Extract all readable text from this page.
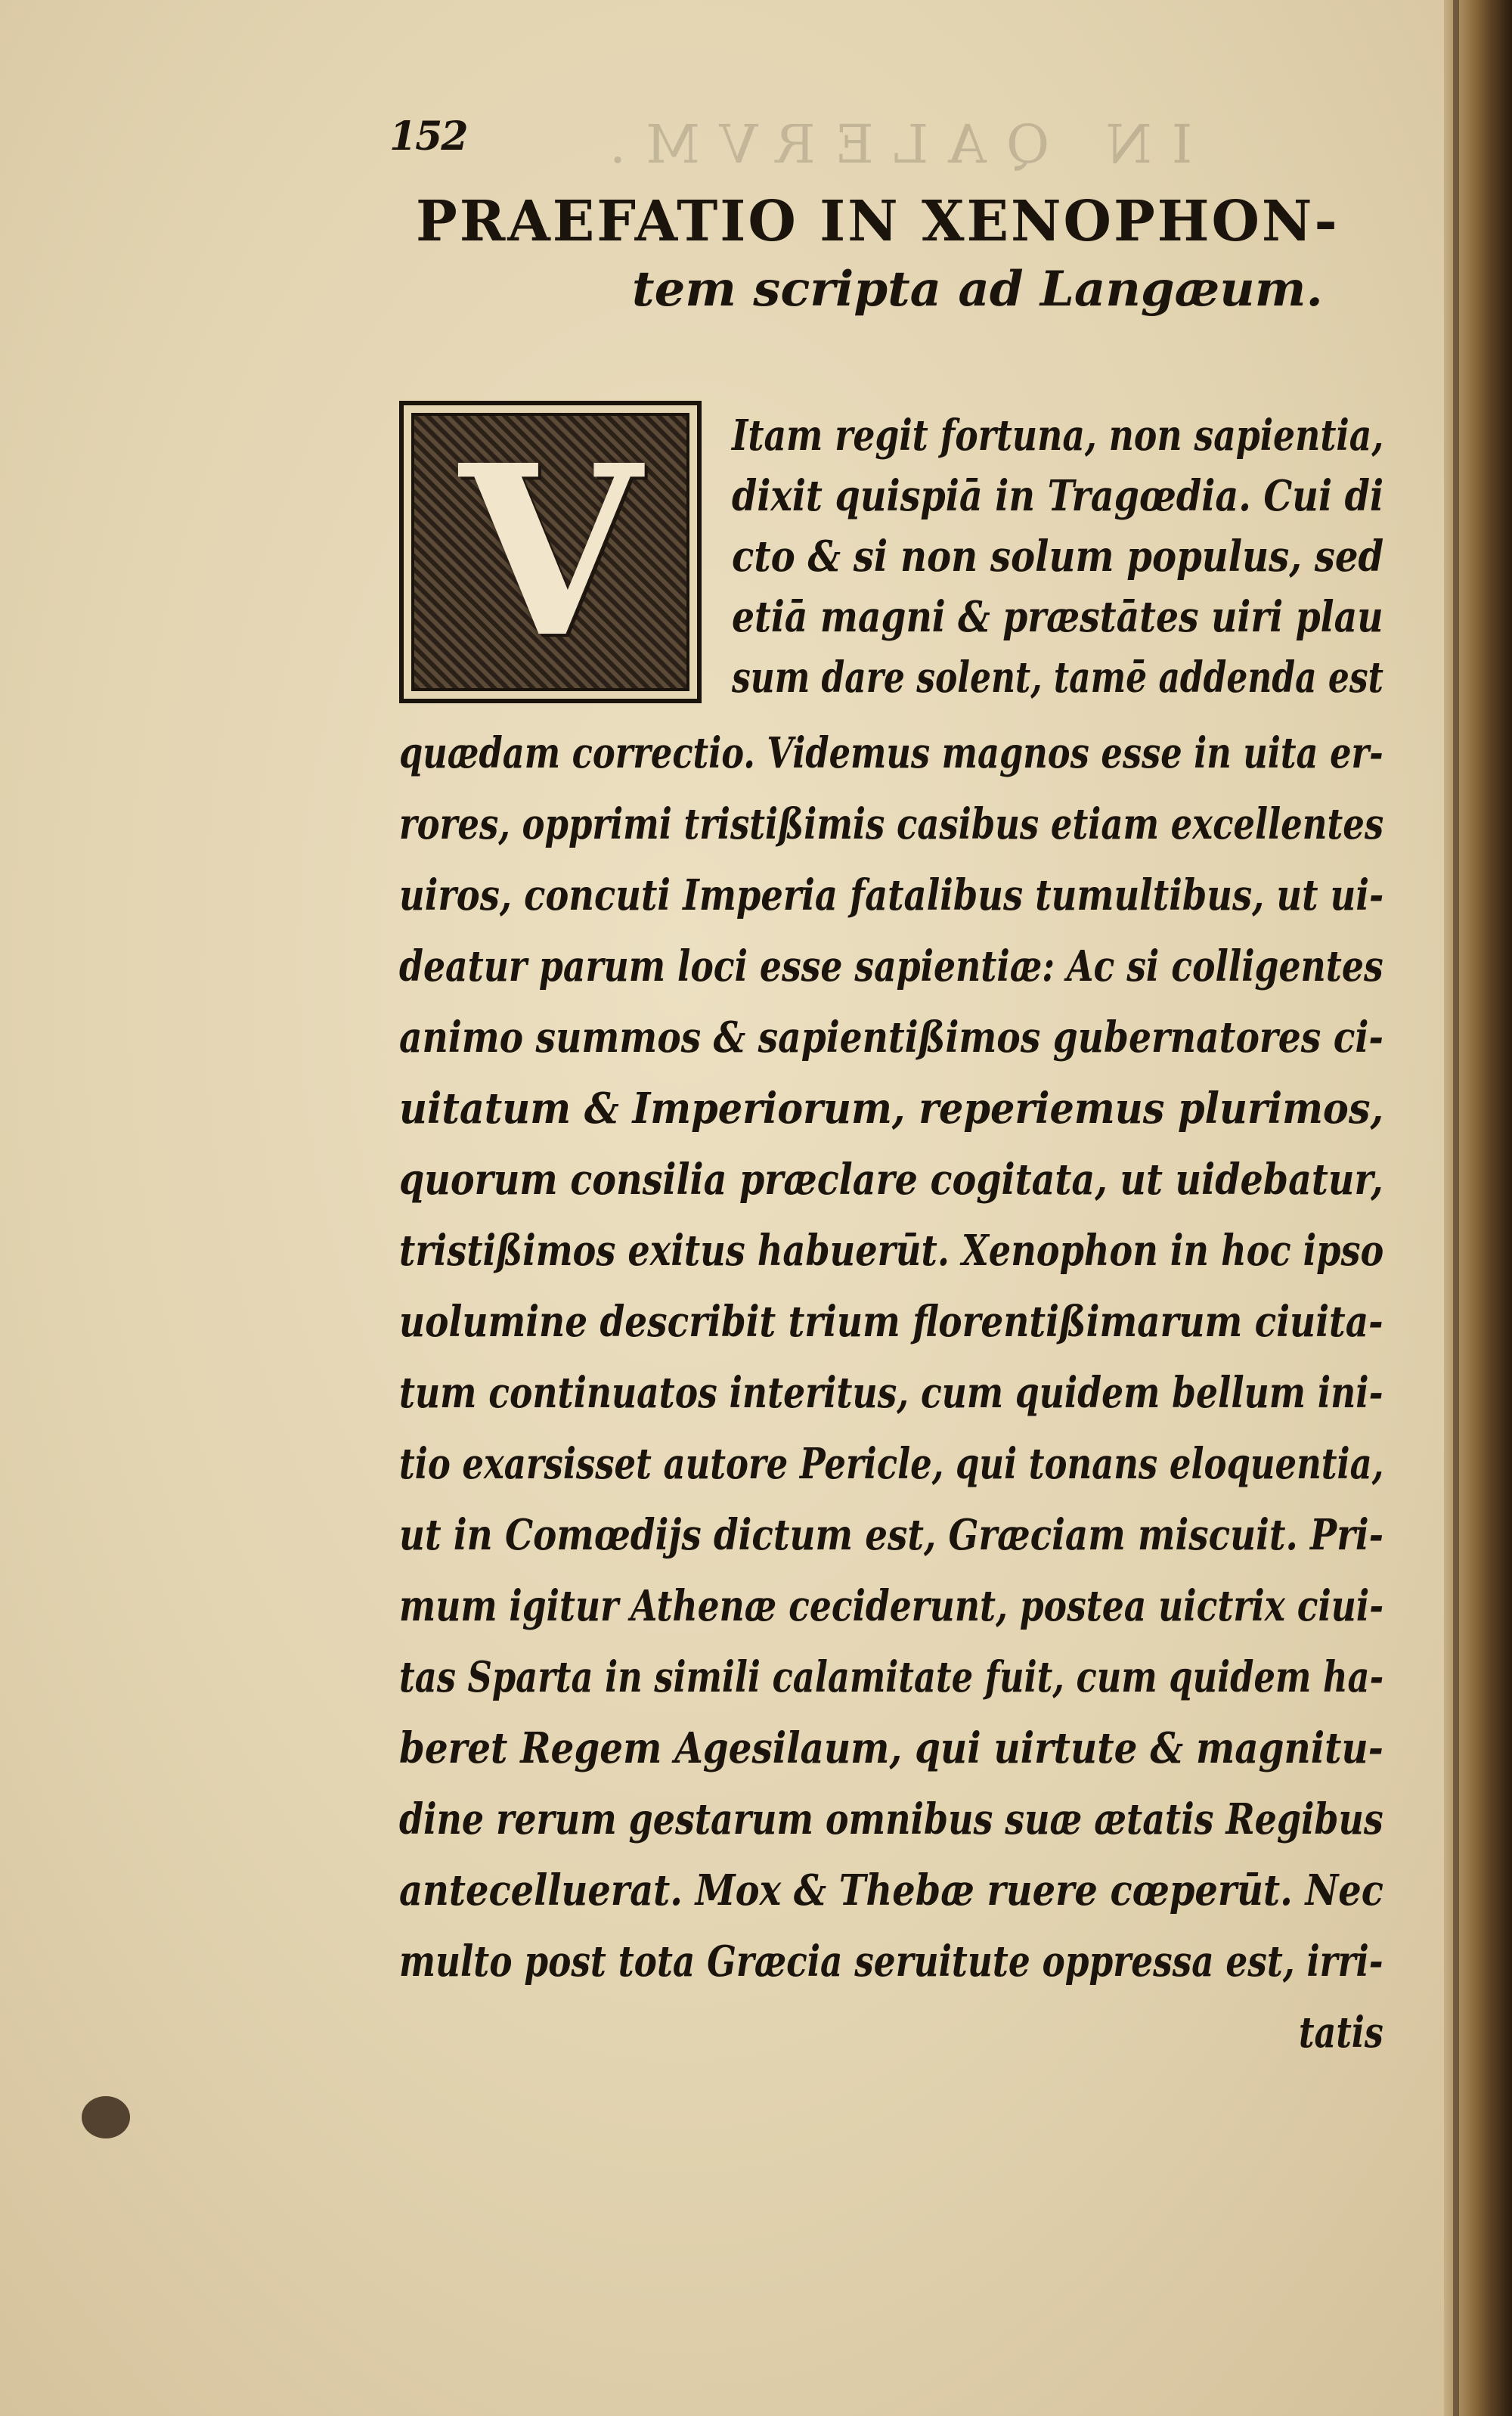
152 IN QALERVM.
PRAEFATIO IN XENOPHON-
tem scripta ad Langæum.
V	Itam regit fortuna, non sapientia,
dixit quispiā in Tragœdia. Cui di
cto & si non solum populus, sed
etiā magni & præstātes uiri plau
sum dare solent, tamē addenda est
quædam correctio. Videmus magnos esse in uita er-
rores, opprimi tristißimis casibus etiam excellentes
uiros, concuti Imperia fatalibus tumultibus, ut ui-
deatur parum loci esse sapientiæ: Ac si colligentes
animo summos & sapientißimos gubernatores ci-
uitatum & Imperiorum, reperiemus plurimos,
quorum consilia præclare cogitata, ut uidebatur,
tristißimos exitus habuerūt. Xenophon in hoc ipso
uolumine describit trium florentißimarum ciuita-
tum continuatos interitus, cum quidem bellum ini-
tio exarsisset autore Pericle, qui tonans eloquentia,
ut in Comœdijs dictum est, Græciam miscuit. Pri-
mum igitur Athenæ ceciderunt, postea uictrix ciui-
tas Sparta in simili calamitate fuit, cum quidem ha-
beret Regem Agesilaum, qui uirtute & magnitu-
dine rerum gestarum omnibus suæ ætatis Regibus
antecelluerat. Mox & Thebæ ruere cœperūt. Nec
multo post tota Græcia seruitute oppressa est, irri-
tatis
